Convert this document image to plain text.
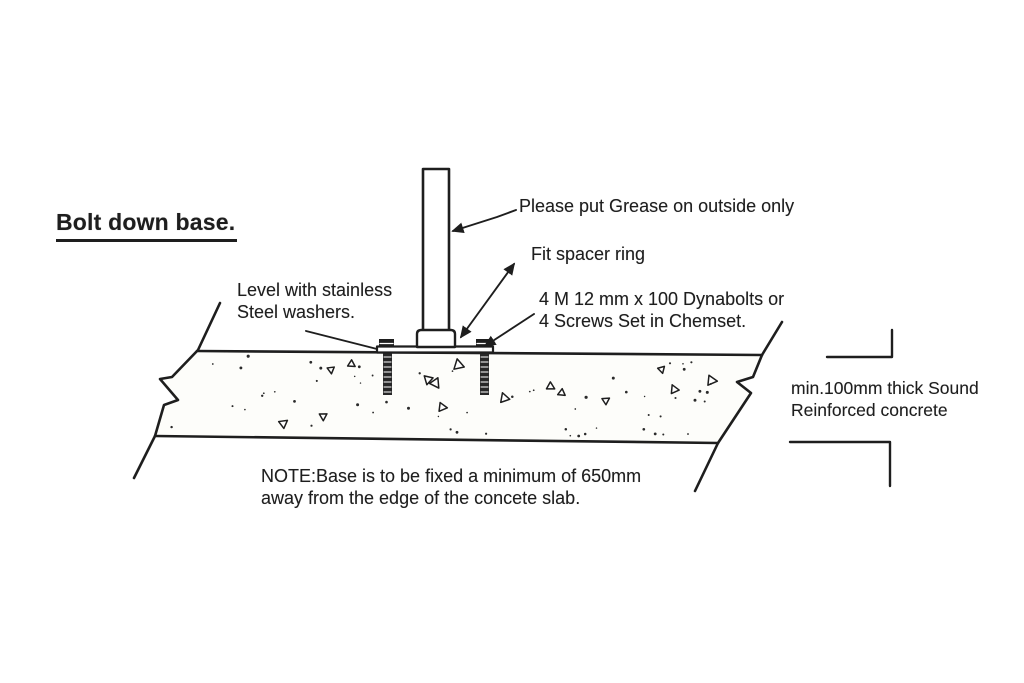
Bolt down base.
Please put Grease on outside only
Fit spacer ring
Level with stainless
Steel washers.
4 M 12 mm x 100 Dynabolts or
4 Screws Set in Chemset.
min.100mm thick Sound
Reinforced concrete
NOTE:Base is to be fixed a minimum of 650mm
away from the edge of the concete slab.
